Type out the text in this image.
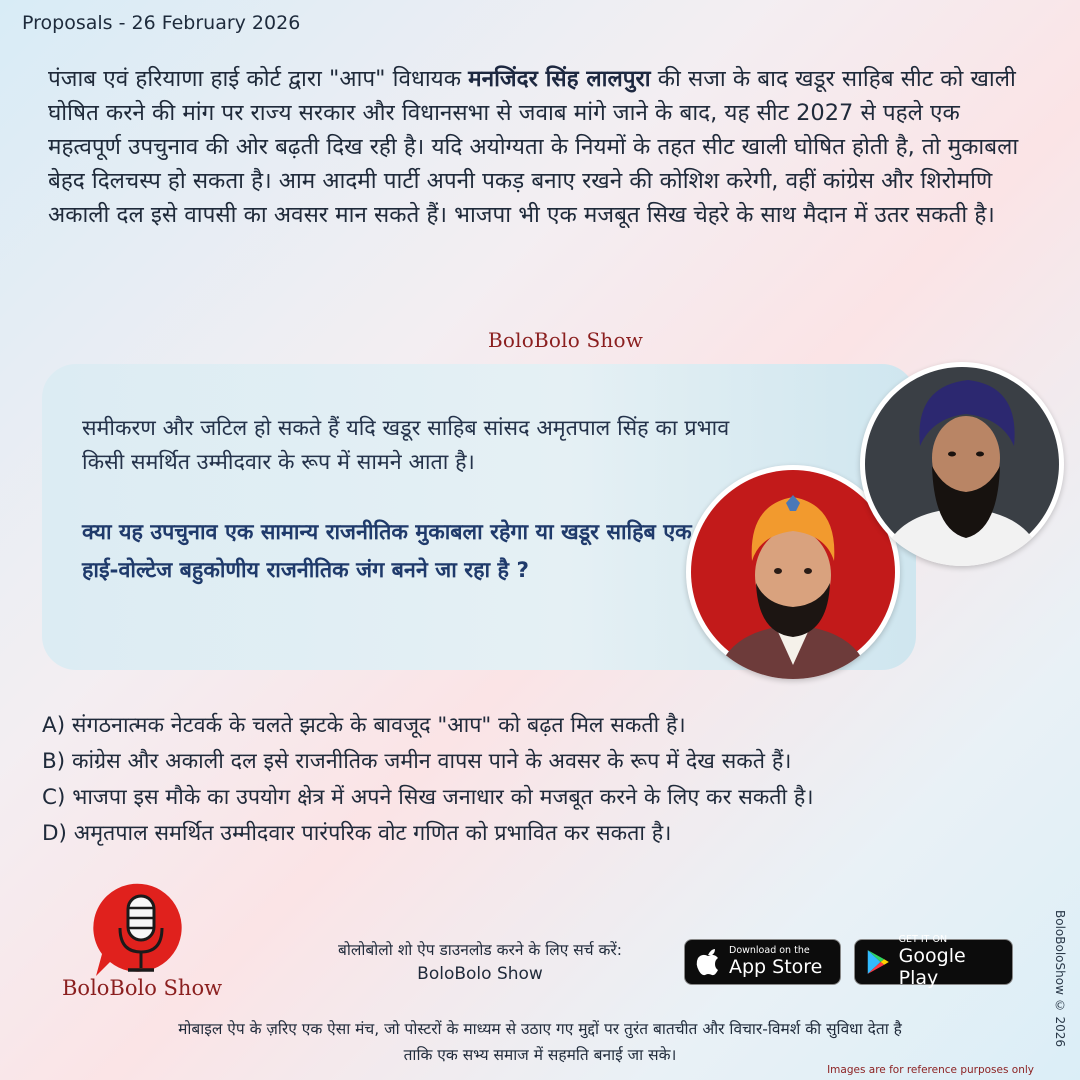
Proposals - 26 February 2026
पंजाब एवं हरियाणा हाई कोर्ट द्वारा "आप" विधायक मनजिंदर सिंह लालपुरा की सजा के बाद खडूर साहिब सीट को खाली घोषित करने की मांग पर राज्य सरकार और विधानसभा से जवाब मांगे जाने के बाद, यह सीट 2027 से पहले एक महत्वपूर्ण उपचुनाव की ओर बढ़ती दिख रही है। यदि अयोग्यता के नियमों के तहत सीट खाली घोषित होती है, तो मुकाबला बेहद दिलचस्प हो सकता है। आम आदमी पार्टी अपनी पकड़ बनाए रखने की कोशिश करेगी, वहीं कांग्रेस और शिरोमणि अकाली दल इसे वापसी का अवसर मान सकते हैं। भाजपा भी एक मजबूत सिख चेहरे के साथ मैदान में उतर सकती है।
BoloBolo Show
समीकरण और जटिल हो सकते हैं यदि खडूर साहिब सांसद अमृतपाल सिंह का प्रभाव किसी समर्थित उम्मीदवार के रूप में सामने आता है।
क्या यह उपचुनाव एक सामान्य राजनीतिक मुकाबला रहेगा या खडूर साहिब एक हाई-वोल्टेज बहुकोणीय राजनीतिक जंग बनने जा रहा है ?
A) संगठनात्मक नेटवर्क के चलते झटके के बावजूद "आप" को बढ़त मिल सकती है।
B) कांग्रेस और अकाली दल इसे राजनीतिक जमीन वापस पाने के अवसर के रूप में देख सकते हैं।
C) भाजपा इस मौके का उपयोग क्षेत्र में अपने सिख जनाधार को मजबूत करने के लिए कर सकती है।
D) अमृतपाल समर्थित उम्मीदवार पारंपरिक वोट गणित को प्रभावित कर सकता है।
BoloBolo Show
बोलोबोलो शो ऐप डाउनलोड करने के लिए सर्च करें:
BoloBolo Show
Download on the
App Store
GET IT ON
Google Play
मोबाइल ऐप के ज़रिए एक ऐसा मंच, जो पोस्टरों के माध्यम से उठाए गए मुद्दों पर तुरंत बातचीत और विचार-विमर्श की सुविधा देता है
ताकि एक सभ्य समाज में सहमति बनाई जा सके।
BoloBoloShow © 2026
Images are for reference purposes only
